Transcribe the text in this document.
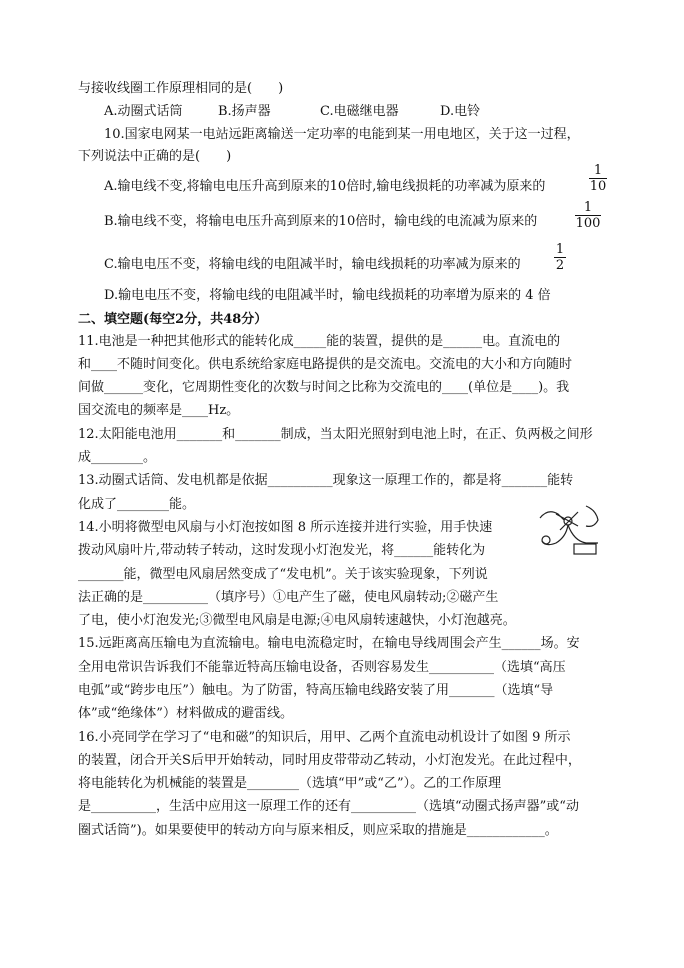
与接收线圈工作原理相同的是(　　)
A.动圈式话筒	B.扬声器	C.电磁继电器	D.电铃
10.国家电网某一电站远距离输送一定功率的电能到某一用电地区，关于这一过程，
下列说法中正确的是(　　)
A.输电线不变,将输电电压升高到原来的10倍时,输电线损耗的功率减为原来的	$\frac{1}{10}$
B.输电线不变，将输电电压升高到原来的10倍时，输电线的电流减为原来的	$\frac{1}{100}$
C.输电电压不变，将输电线的电阻减半时，输电线损耗的功率减为原来的	$\frac{1}{2}$
D.输电电压不变，将输电线的电阻减半时，输电线损耗的功率增为原来的 4 倍
二、填空题(每空2分，共48分）
11.电池是一种把其他形式的能转化成_____能的装置，提供的是______电。直流电的
和____不随时间变化。供电系统给家庭电路提供的是交流电。交流电的大小和方向随时
间做______变化，它周期性变化的次数与时间之比称为交流电的____(单位是____)。我
国交流电的频率是____Hz。
12.太阳能电池用_______和_______制成，当太阳光照射到电池上时，在正、负两极之间形
成________。
13.动圈式话筒、发电机都是依据__________现象这一原理工作的，都是将_______能转
化成了________能。
14.小明将微型电风扇与小灯泡按如图 8 所示连接并进行实验，用手快速
拨动风扇叶片,带动转子转动，这时发现小灯泡发光，将______能转化为
_______能，微型电风扇居然变成了“发电机”。关于该实验现象，下列说
法正确的是__________（填序号）①电产生了磁，使电风扇转动;②磁产生
了电，使小灯泡发光;③微型电风扇是电源;④电风扇转速越快，小灯泡越亮。
15.远距离高压输电为直流输电。输电电流稳定时，在输电导线周围会产生______场。安
全用电常识告诉我们不能靠近特高压输电设备，否则容易发生__________（选填“高压
电弧”或“跨步电压”）触电。为了防雷，特高压输电线路安装了用_______（选填“导
体”或“绝缘体”）材料做成的避雷线。
16.小亮同学在学习了“电和磁”的知识后，用甲、乙两个直流电动机设计了如图 9 所示
的装置，闭合开关S后甲开始转动，同时用皮带带动乙转动，小灯泡发光。在此过程中，
将电能转化为机械能的装置是________（选填“甲”或“乙”）。乙的工作原理
是__________，生活中应用这一原理工作的还有__________（选填“动圈式扬声器”或“动
圈式话筒”)。如果要使甲的转动方向与原来相反，则应采取的措施是____________。
